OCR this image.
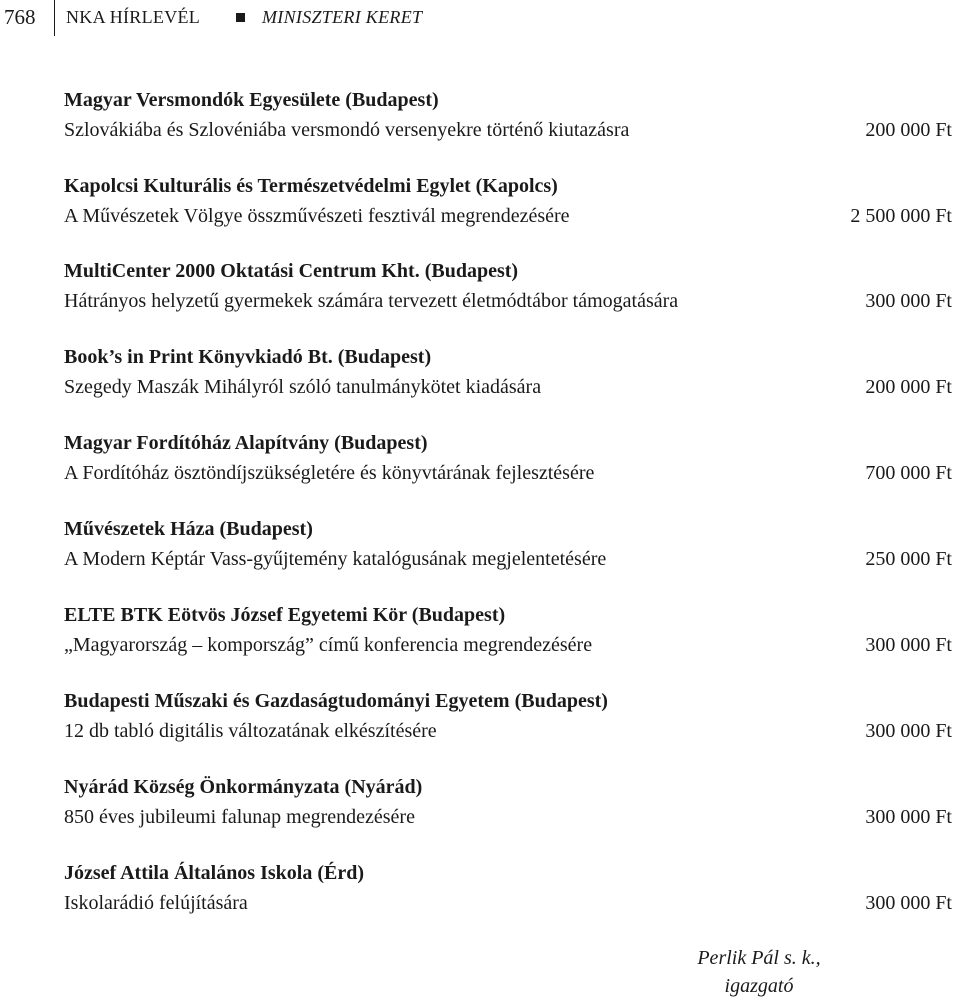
768 NKA HÍRLEVÉL	MINISZTERI KERET
Magyar Versmondók Egyesülete (Budapest)
Szlovákiába és Szlovéniába versmondó versenyekre történő kiutazásra	200 000 Ft
Kapolcsi Kulturális és Természetvédelmi Egylet (Kapolcs)
A Művészetek Völgye összművészeti fesztivál megrendezésére	2 500 000 Ft
MultiCenter 2000 Oktatási Centrum Kht. (Budapest)
Hátrányos helyzetű gyermekek számára tervezett életmódtábor támogatására	300 000 Ft
Book’s in Print Könyvkiadó Bt. (Budapest)
Szegedy Maszák Mihályról szóló tanulmánykötet kiadására	200 000 Ft
Magyar Fordítóház Alapítvány (Budapest)
A Fordítóház ösztöndíjszükségletére és könyvtárának fejlesztésére	700 000 Ft
Művészetek Háza (Budapest)
A Modern Képtár Vass-gyűjtemény katalógusának megjelentetésére	250 000 Ft
ELTE BTK Eötvös József Egyetemi Kör (Budapest)
„Magyarország – kompország” című konferencia megrendezésére	300 000 Ft
Budapesti Műszaki és Gazdaságtudományi Egyetem (Budapest)
12 db tabló digitális változatának elkészítésére	300 000 Ft
Nyárád Község Önkormányzata (Nyárád)
850 éves jubileumi falunap megrendezésére	300 000 Ft
József Attila Általános Iskola (Érd)
Iskolarádió felújítására	300 000 Ft
Perlik Pál s. k.,
igazgató
